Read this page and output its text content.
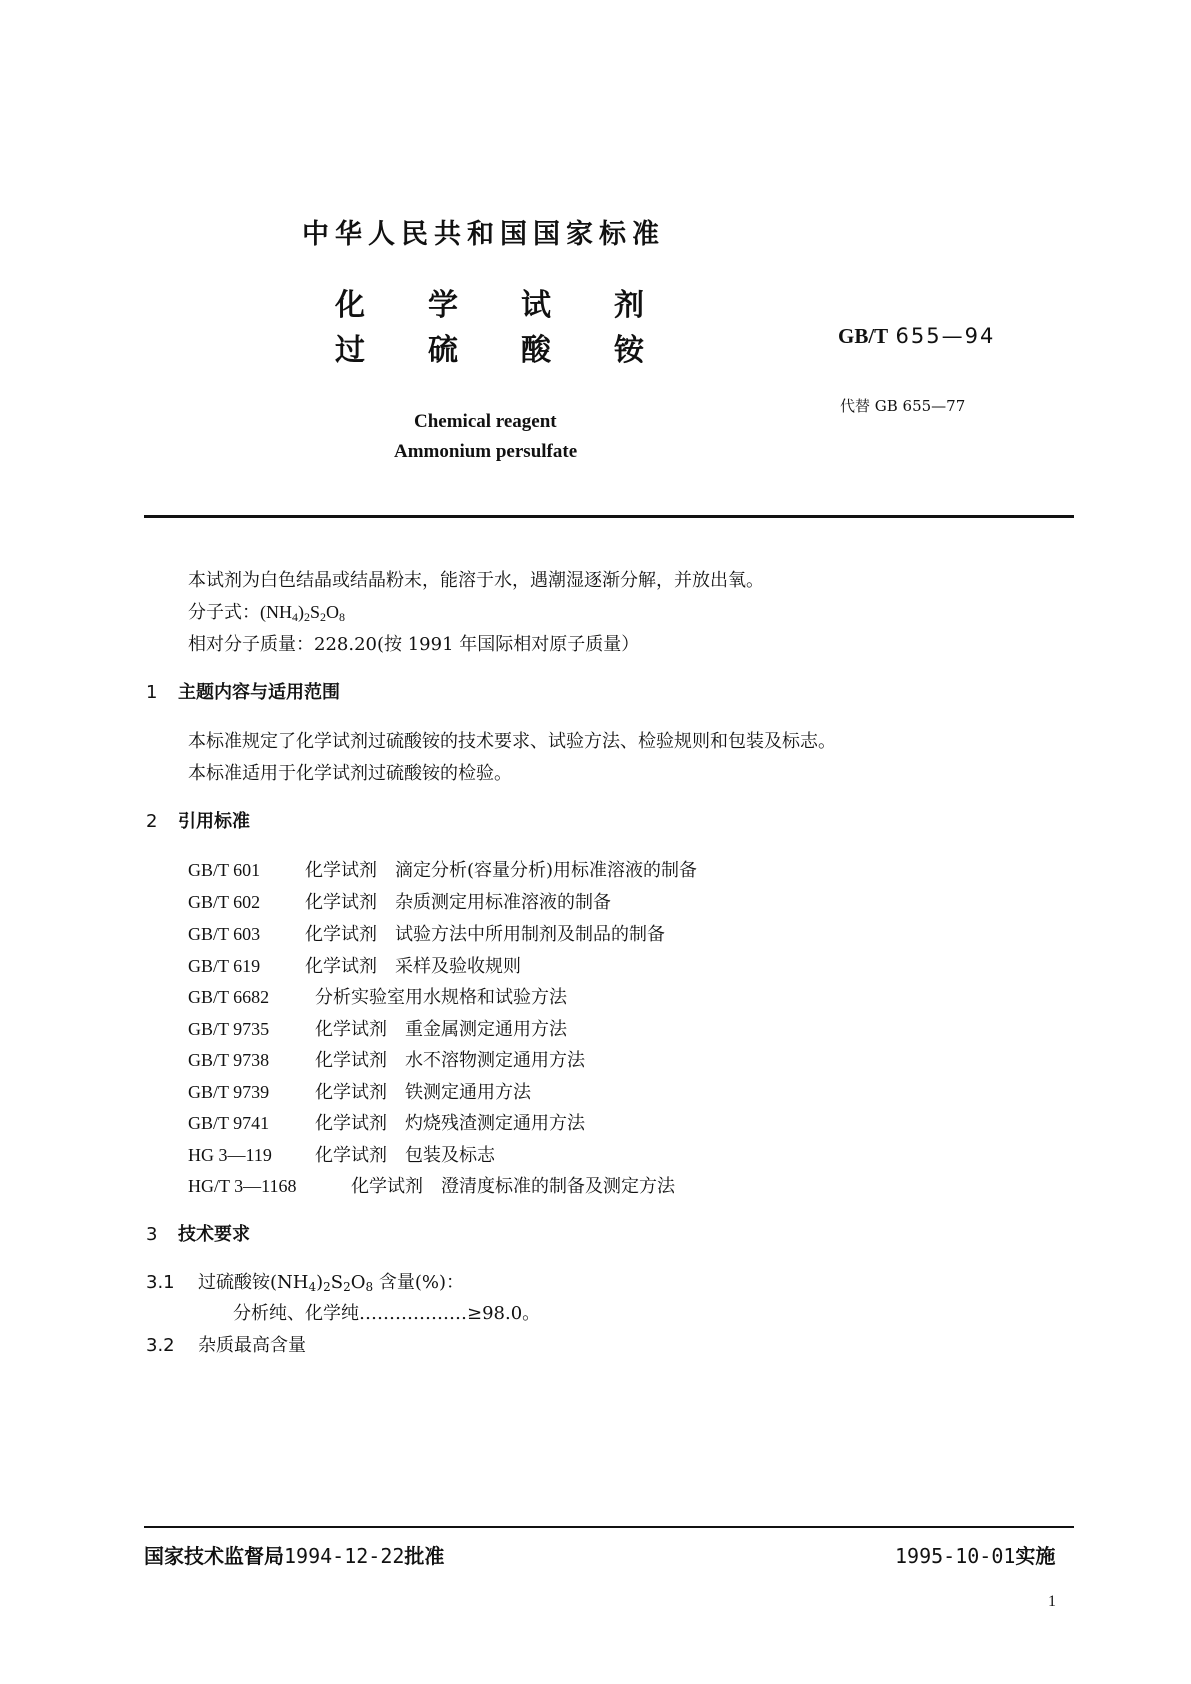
中华人民共和国国家标准
化	学	试	剂
过	硫	酸	铵	GB/T 655—94
代替 GB 655—77
Chemical reagent
Ammonium persulfate
本试剂为白色结晶或结晶粉末，能溶于水，遇潮湿逐渐分解，并放出氧。
分子式：$(NH_4)_2S_2O_8$
相对分子质量：228.20(按 1991 年国际相对原子质量）
1 主题内容与适用范围
本标准规定了化学试剂过硫酸铵的技术要求、试验方法、检验规则和包装及标志。
本标准适用于化学试剂过硫酸铵的检验。
2 引用标准
GB/T 601 化学试剂 滴定分析(容量分析)用标准溶液的制备
GB/T 602 化学试剂 杂质测定用标准溶液的制备
GB/T 603 化学试剂 试验方法中所用制剂及制品的制备
GB/T 619 化学试剂 采样及验收规则
GB/T 6682	分析实验室用水规格和试验方法
GB/T 9735	化学试剂 重金属测定通用方法
GB/T 9738	化学试剂 水不溶物测定通用方法
GB/T 9739	化学试剂 铁测定通用方法
GB/T 9741	化学试剂 灼烧残渣测定通用方法
HG 3—119 化学试剂 包装及标志
HG/T 3—1168	化学试剂 澄清度标准的制备及测定方法
3 技术要求
3.1 过硫酸铵$(NH_4)_2S_2O_8$ 含量(%)：
分析纯、化学纯………………≥98.0。
3.2 杂质最高含量
国家技术监督局1994-12-22批准	1995-10-01实施
1
